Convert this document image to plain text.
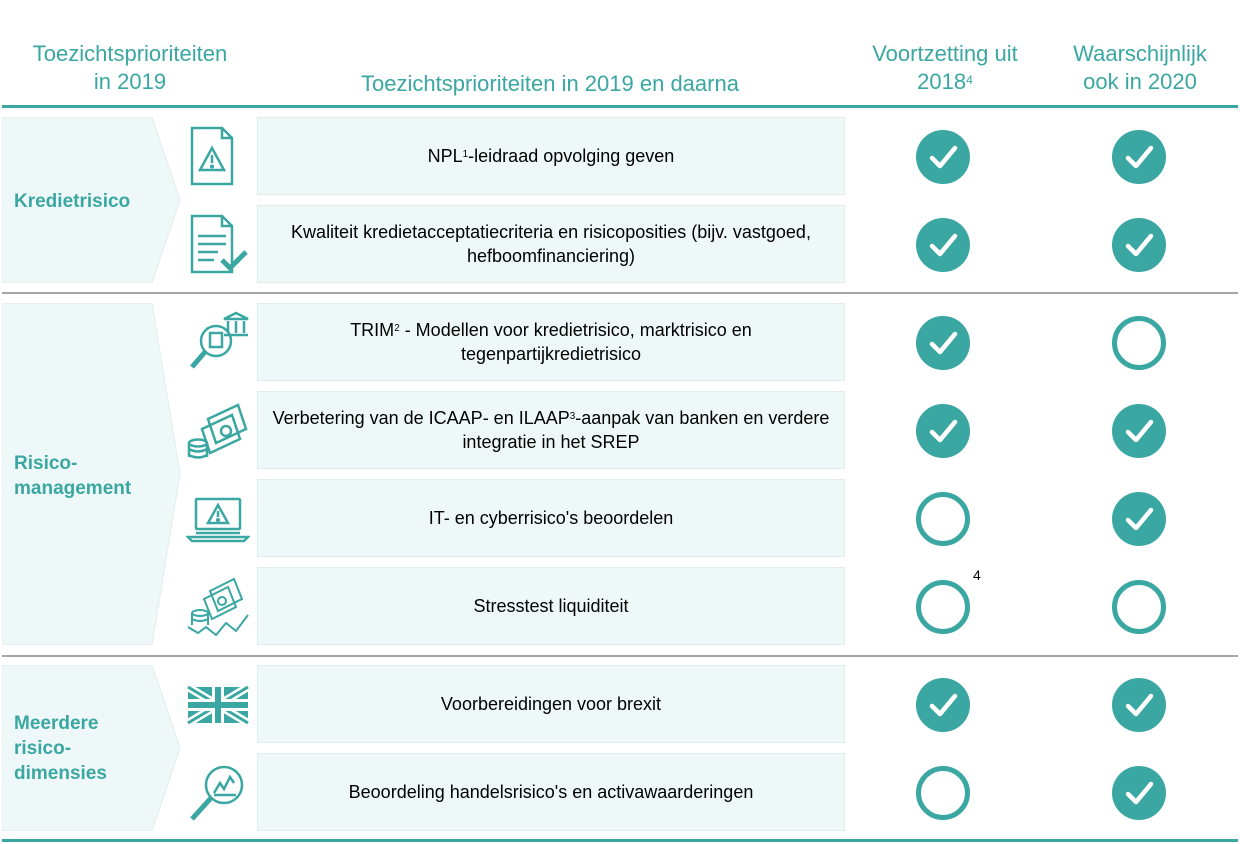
Toezichtsprioriteiten
in 2019	Toezichtsprioriteiten in 2019 en daarna
Voortzetting uit
2018$^4$
Waarschijnlijk
ook in 2020
Kredietrisico
Risico-
management
Meerdere
risico-
dimensies
NPL$^1$-leidraad opvolging geven
Kwaliteit kredietacceptatiecriteria en risicoposities (bijv. vastgoed, hefboomfinanciering)
TRIM$^2$ - Modellen voor kredietrisico, marktrisico en tegenpartijkredietrisico
Verbetering van de ICAAP- en ILAAP$^3$-aanpak van banken en verdere integratie in het SREP
IT- en cyberrisico's beoordelen
Stresstest liquiditeit
Voorbereidingen voor brexit
Beoordeling handelsrisico's en activawaarderingen
4
